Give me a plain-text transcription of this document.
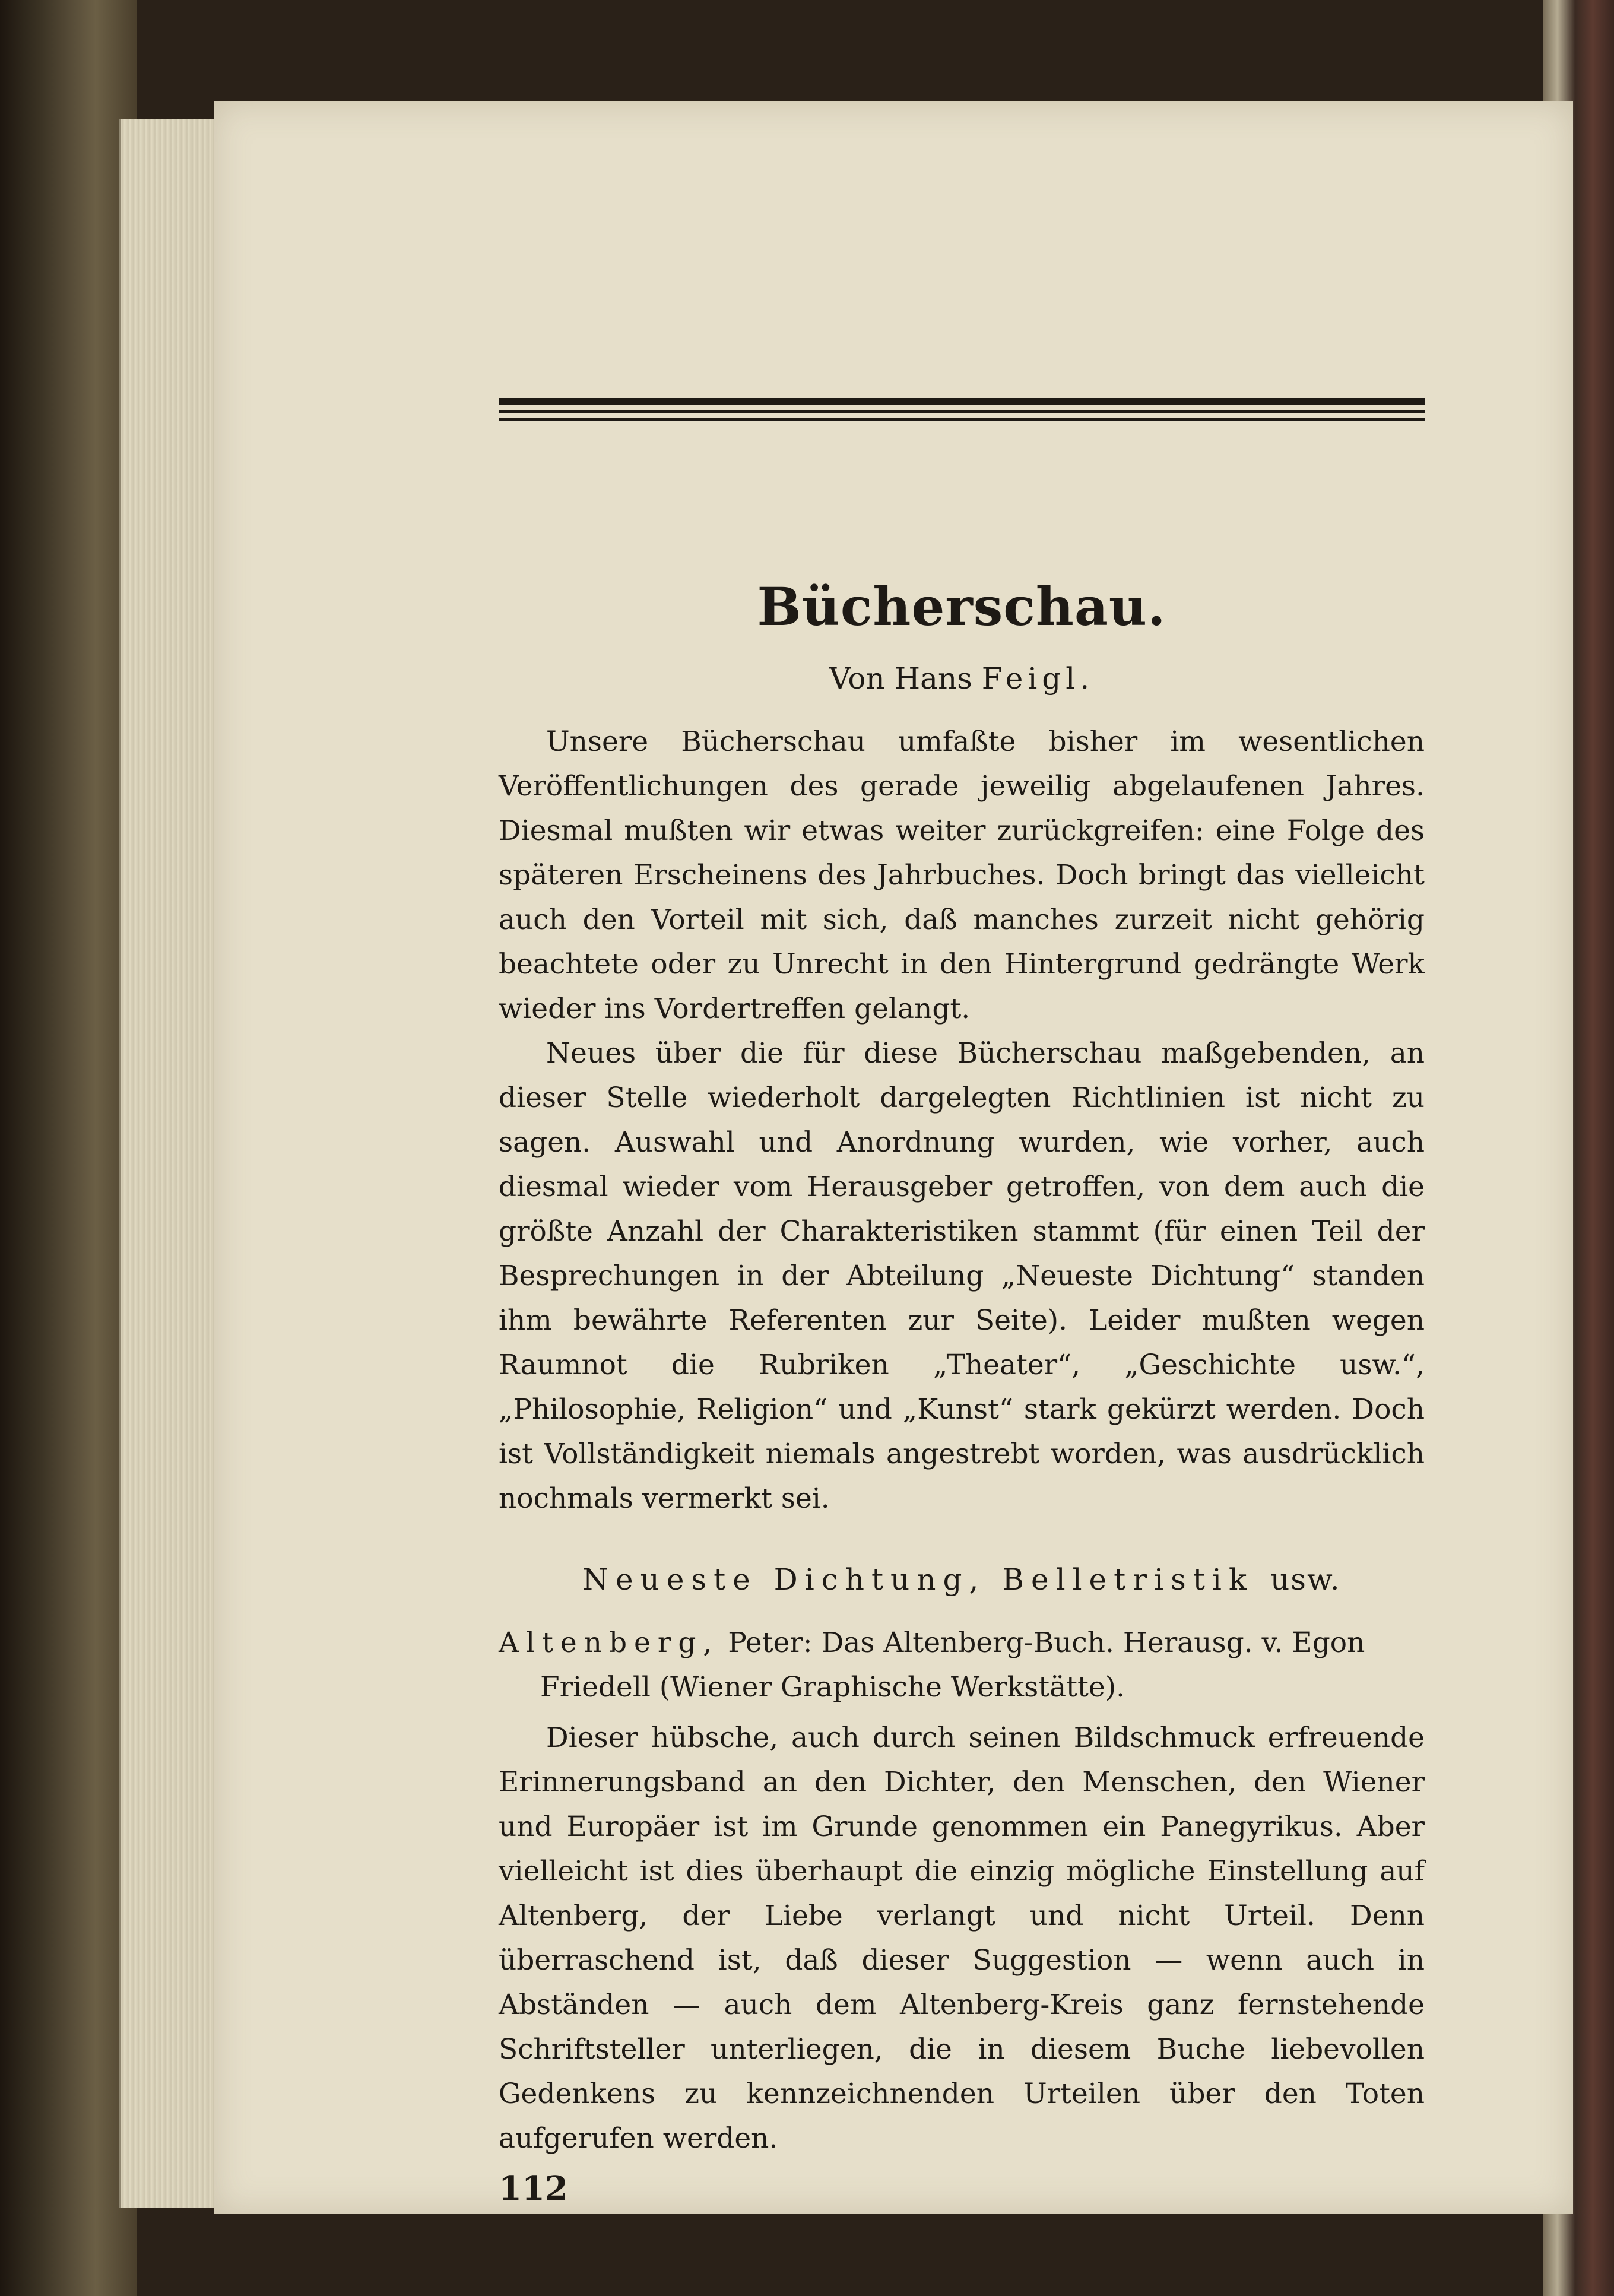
Bücherschau.
Von Hans Feigl.

Unsere Bücherschau umfaßte bisher im wesentlichen Veröffentlichungen des gerade jeweilig abgelaufenen Jahres. Diesmal mußten wir etwas weiter zurückgreifen: eine Folge des späteren Erscheinens des Jahrbuches. Doch bringt das vielleicht auch den Vorteil mit sich, daß manches zurzeit nicht gehörig beachtete oder zu Unrecht in den Hintergrund gedrängte Werk wieder ins Vordertreffen gelangt.

Neues über die für diese Bücherschau maßgebenden, an dieser Stelle wiederholt dargelegten Richtlinien ist nicht zu sagen. Auswahl und Anordnung wurden, wie vorher, auch diesmal wieder vom Herausgeber getroffen, von dem auch die größte Anzahl der Charakteristiken stammt (für einen Teil der Besprechungen in der Abteilung „Neueste Dichtung“ standen ihm bewährte Referenten zur Seite). Leider mußten wegen Raumnot die Rubriken „Theater“, „Geschichte usw.“, „Philosophie, Religion“ und „Kunst“ stark gekürzt werden. Doch ist Vollständigkeit niemals angestrebt worden, was ausdrücklich nochmals vermerkt sei.

Neueste Dichtung, Belletristik usw.

Altenberg, Peter: Das Altenberg-Buch. Herausg. v. Egon Friedell (Wiener Graphische Werkstätte).

Dieser hübsche, auch durch seinen Bildschmuck erfreuende Erinnerungsband an den Dichter, den Menschen, den Wiener und Europäer ist im Grunde genommen ein Panegyrikus. Aber vielleicht ist dies überhaupt die einzig mögliche Einstellung auf Altenberg, der Liebe verlangt und nicht Urteil. Denn überraschend ist, daß dieser Suggestion — wenn auch in Abständen — auch dem Altenberg-Kreis ganz fernstehende Schriftsteller unterliegen, die in diesem Buche liebevollen Gedenkens zu kennzeichnenden Urteilen über den Toten aufgerufen werden.

112
